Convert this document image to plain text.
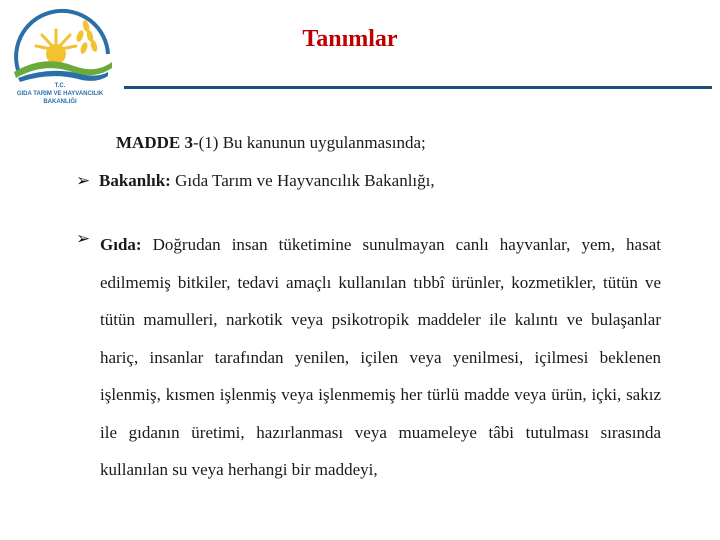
T.C.
GIDA TARIM VE HAYVANCILIK
BAKANLIĞI
Tanımlar
MADDE 3-(1) Bu kanunun uygulanmasında;
➢ Bakanlık: Gıda Tarım ve Hayvancılık Bakanlığı,
➢ Gıda: Doğrudan insan tüketimine sunulmayan canlı hayvanlar, yem, hasat edilmemiş bitkiler, tedavi amaçlı kullanılan tıbbî ürünler, kozmetikler, tütün ve tütün mamulleri, narkotik veya psikotropik maddeler ile kalıntı ve bulaşanlar hariç, insanlar tarafından yenilen, içilen veya yenilmesi, içilmesi beklenen işlenmiş, kısmen işlenmiş veya işlenmemiş her türlü madde veya ürün, içki, sakız ile gıdanın üretimi, hazırlanması veya muameleye tâbi tutulması sırasında kullanılan su veya herhangi bir maddeyi,
